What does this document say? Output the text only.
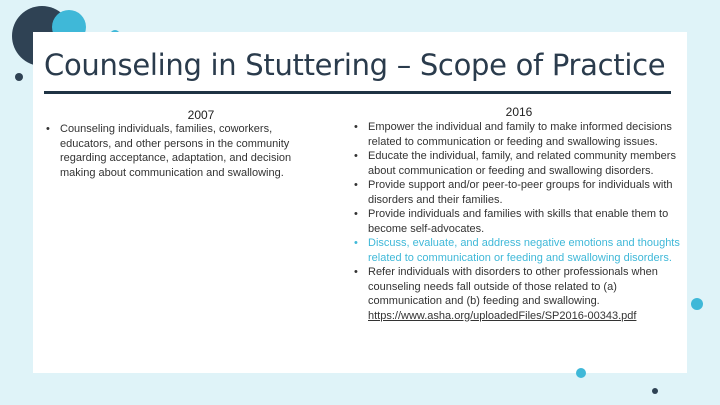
Counseling in Stuttering – Scope of Practice
2007
• Counseling individuals, families, coworkers, educators, and other persons in the community regarding acceptance, adaptation, and decision making about communication and swallowing.
2016
• Empower the individual and family to make informed decisions related to communication or feeding and swallowing issues.
• Educate the individual, family, and related community members about communication or feeding and swallowing disorders.
• Provide support and/or peer-to-peer groups for individuals with disorders and their families.
• Provide individuals and families with skills that enable them to become self-advocates.
• Discuss, evaluate, and address negative emotions and thoughts related to communication or feeding and swallowing disorders.
• Refer individuals with disorders to other professionals when counseling needs fall outside of those related to (a) communication and (b) feeding and swallowing. https://www.asha.org/uploadedFiles/SP2016-00343.pdf
